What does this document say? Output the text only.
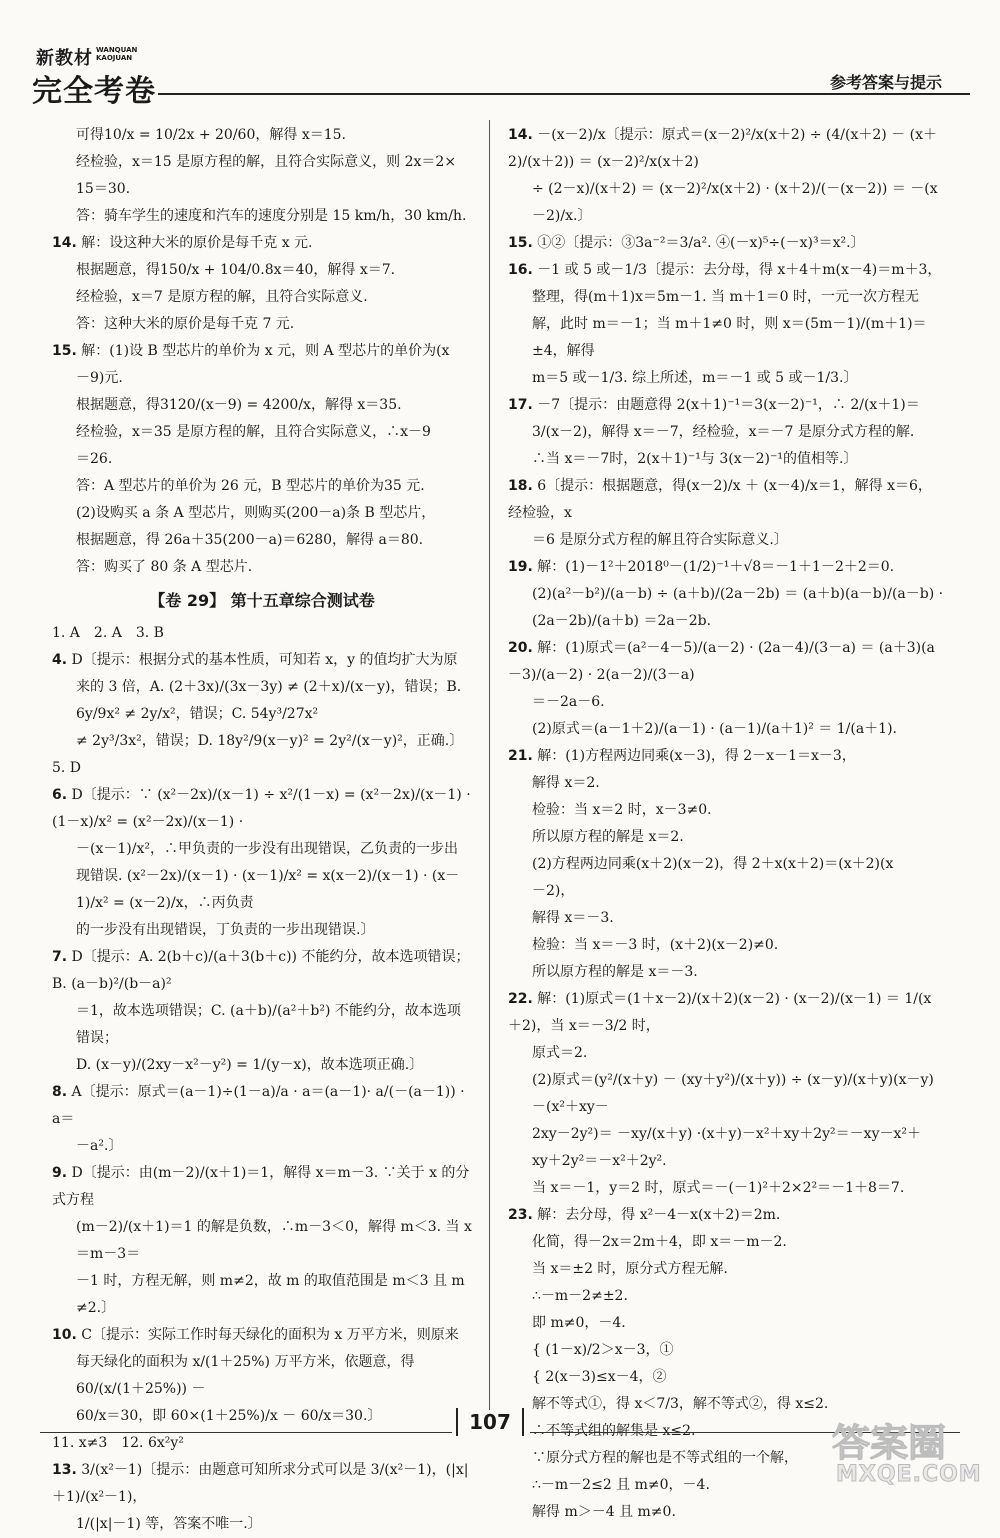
新教材 WANQUAN
KAOJUAN
完全考卷	参考答案与提示
可得10/x = 10/2x + 20/60，解得 x＝15.
经检验，x＝15 是原方程的解，且符合实际意义，则 2x＝2×
15＝30.
答：骑车学生的速度和汽车的速度分别是 15 km/h，30 km/h.
14. 解：设这种大米的原价是每千克 x 元.
根据题意，得150/x + 104/0.8x＝40，解得 x＝7.
经检验，x＝7 是原方程的解，且符合实际意义.
答：这种大米的原价是每千克 7 元.
15. 解：(1)设 B 型芯片的单价为 x 元，则 A 型芯片的单价为(x
－9)元.
根据题意，得3120/(x－9) = 4200/x，解得 x＝35.
经检验，x＝35 是原方程的解，且符合实际意义，∴x－9
＝26.
答：A 型芯片的单价为 26 元，B 型芯片的单价为35 元.
(2)设购买 a 条 A 型芯片，则购买(200－a)条 B 型芯片，
根据题意，得 26a＋35(200－a)＝6280，解得 a＝80.
答：购买了 80 条 A 型芯片.
【卷 29】 第十五章综合测试卷
1. A　2. A　3. B
4. D〔提示：根据分式的基本性质，可知若 x，y 的值均扩大为原
来的 3 倍，A. (2＋3x)/(3x－3y) ≠ (2＋x)/(x－y)，错误；B. 6y/9x² ≠ 2y/x²，错误；C. 54y³/27x²
≠ 2y³/3x²，错误；D. 18y²/9(x－y)² = 2y²/(x－y)²，正确.〕
5. D
6. D〔提示：∵ (x²－2x)/(x－1) ÷ x²/(1－x) = (x²－2x)/(x－1) · (1－x)/x² = (x²－2x)/(x－1) ·
－(x－1)/x²，∴甲负责的一步没有出现错误，乙负责的一步出
现错误. (x²－2x)/(x－1) · (x－1)/x² = x(x－2)/(x－1) · (x－1)/x² = (x－2)/x，∴丙负责
的一步没有出现错误，丁负责的一步出现错误.〕
7. D〔提示：A. 2(b＋c)/(a＋3(b＋c)) 不能约分，故本选项错误；B. (a－b)²/(b－a)²
＝1，故本选项错误；C. (a＋b)/(a²＋b²) 不能约分，故本选项错误；
D. (x－y)/(2xy－x²－y²) = 1/(y－x)，故本选项正确.〕
8. A〔提示：原式＝(a－1)÷(1－a)/a · a＝(a－1)· a/(－(a－1)) · a＝
－a².〕
9. D〔提示：由(m－2)/(x＋1)＝1，解得 x＝m－3. ∵关于 x 的分式方程
(m－2)/(x＋1)＝1 的解是负数，∴m－3＜0，解得 m＜3. 当 x＝m－3＝
－1 时，方程无解，则 m≠2，故 m 的取值范围是 m＜3 且 m
≠2.〕
10. C〔提示：实际工作时每天绿化的面积为 x 万平方米，则原来
每天绿化的面积为 x/(1＋25%) 万平方米，依题意，得 60/(x/(1＋25%)) －
60/x＝30，即 60×(1＋25%)/x － 60/x＝30.〕
11. x≠3　12. 6x²y²
13. 3/(x²－1)〔提示：由题意可知所求分式可以是 3/(x²－1)，(|x|＋1)/(x²－1)，
1/(|x|－1) 等，答案不唯一.〕
14. －(x－2)/x〔提示：原式＝(x－2)²/x(x＋2) ÷ (4/(x＋2) － (x＋2)/(x＋2)) ＝ (x－2)²/x(x＋2)
÷ (2－x)/(x＋2) ＝ (x－2)²/x(x＋2) · (x＋2)/(－(x－2)) ＝ －(x－2)/x.〕
15. ①②〔提示：③3a⁻²＝3/a². ④(－x)⁵÷(－x)³＝x².〕
16. －1 或 5 或－1/3〔提示：去分母，得 x＋4＋m(x－4)＝m＋3，
整理，得(m＋1)x＝5m－1. 当 m＋1＝0 时，一元一次方程无
解，此时 m＝－1；当 m＋1≠0 时，则 x＝(5m－1)/(m＋1)＝±4，解得
m＝5 或－1/3. 综上所述，m＝－1 或 5 或－1/3.〕
17. －7〔提示：由题意得 2(x＋1)⁻¹＝3(x－2)⁻¹，∴ 2/(x＋1)＝
3/(x－2)，解得 x＝－7，经检验，x＝－7 是原分式方程的解.
∴当 x＝－7时，2(x＋1)⁻¹与 3(x－2)⁻¹的值相等.〕
18. 6〔提示：根据题意，得(x－2)/x ＋ (x－4)/x＝1，解得 x＝6，经检验，x
＝6 是原分式方程的解且符合实际意义.〕
19. 解：(1)－1²＋2018⁰－(1/2)⁻¹＋√8＝－1＋1－2＋2＝0.
(2)(a²－b²)/(a－b) ÷ (a＋b)/(2a－2b) ＝ (a＋b)(a－b)/(a－b) · (2a－2b)/(a＋b) ＝2a－2b.
20. 解：(1)原式＝(a²－4－5)/(a－2) · (2a－4)/(3－a) ＝ (a＋3)(a－3)/(a－2) · 2(a－2)/(3－a)
＝－2a－6.
(2)原式＝(a－1＋2)/(a－1) · (a－1)/(a＋1)² ＝ 1/(a＋1).
21. 解：(1)方程两边同乘(x－3)，得 2－x－1＝x－3，
解得 x＝2.
检验：当 x＝2 时，x－3≠0.
所以原方程的解是 x＝2.
(2)方程两边同乘(x＋2)(x－2)，得 2＋x(x＋2)＝(x＋2)(x
－2)，
解得 x＝－3.
检验：当 x＝－3 时，(x＋2)(x－2)≠0.
所以原方程的解是 x＝－3.
22. 解：(1)原式＝(1＋x－2)/(x＋2)(x－2) · (x－2)/(x－1) ＝ 1/(x＋2)，当 x＝－3/2 时，
原式＝2.
(2)原式＝(y²/(x＋y) － (xy＋y²)/(x＋y)) ÷ (x－y)/(x＋y)(x－y) －(x²＋xy－
2xy－2y²)＝ －xy/(x＋y) ·(x＋y)－x²＋xy＋2y²＝－xy－x²＋
xy＋2y²＝－x²＋2y².
当 x＝－1，y＝2 时，原式＝－(－1)²＋2×2²＝－1＋8＝7.
23. 解：去分母，得 x²－4－x(x＋2)＝2m.
化简，得－2x＝2m＋4，即 x＝－m－2.
当 x＝±2 时，原分式方程无解.
∴－m－2≠±2.
即 m≠0，－4.
{ (1－x)/2＞x－3，①
{ 2(x－3)≤x－4，②
解不等式①，得 x＜7/3，解不等式②，得 x≤2.
∴不等式组的解集是 x≤2.
∵原分式方程的解也是不等式组的一个解，
∴－m－2≤2 且 m≠0，－4.
解得 m＞－4 且 m≠0.
107	答案圈
MXQE.COM
